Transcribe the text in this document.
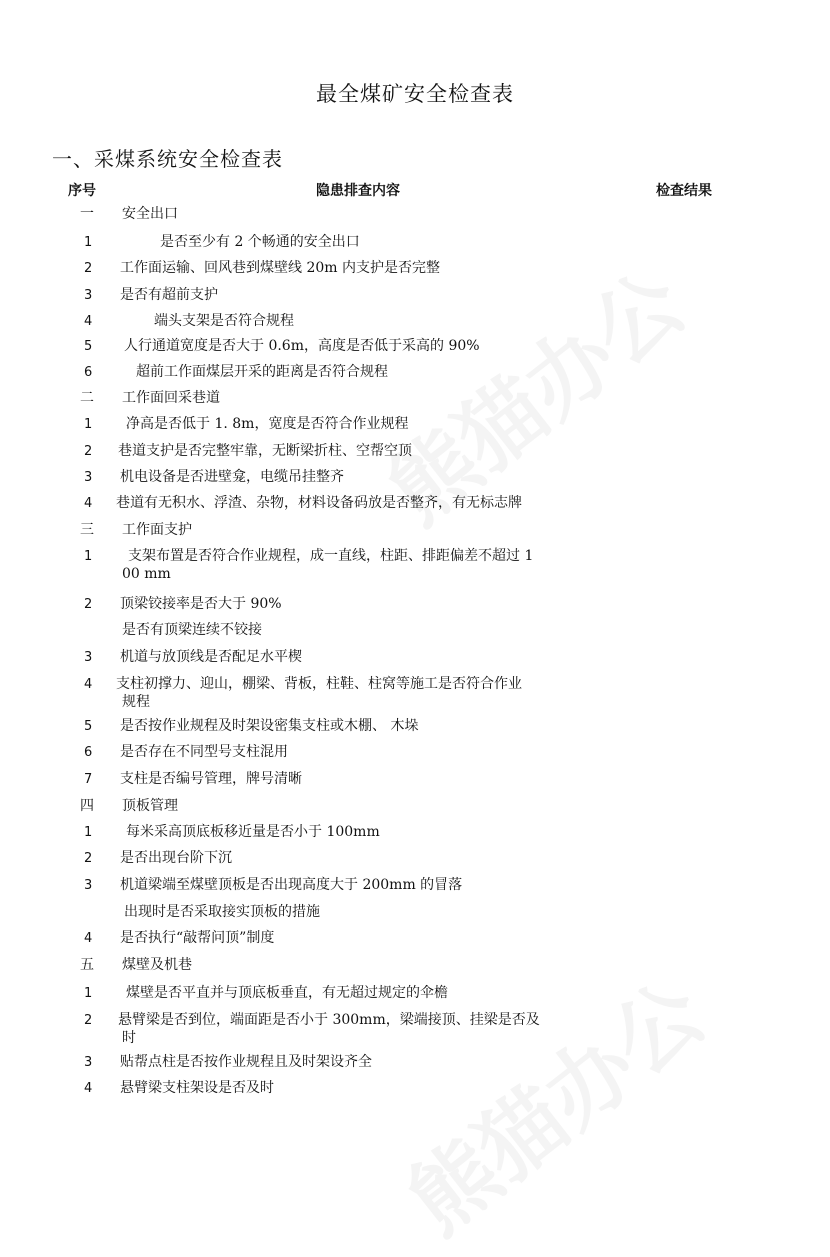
最全煤矿安全检查表
一、采煤系统安全检查表
序号	隐患排查内容	检查结果
一 安全出口
1	是否至少有 2 个畅通的安全出口
2 工作面运输、回风巷到煤壁线 20m 内支护是否完整
3 是否有超前支护
4	端头支架是否符合规程
5 人行通道宽度是否大于 0.6m，高度是否低于采高的 90%
6	超前工作面煤层开采的距离是否符合规程
二 工作面回采巷道
1 净高是否低于 1. 8m，宽度是否符合作业规程
2 巷道支护是否完整牢靠，无断梁折柱、空帮空顶
3 机电设备是否进壁龛，电缆吊挂整齐
4 巷道有无积水、浮渣、杂物，材料设备码放是否整齐，有无标志牌
三 工作面支护
1	支架布置是否符合作业规程，成一直线，柱距、排距偏差不超过 1
00 mm
2 顶梁铰接率是否大于 90%
是否有顶梁连续不铰接
3 机道与放顶线是否配足水平楔
4 支柱初撑力、迎山，棚梁、背板，柱鞋、柱窝等施工是否符合作业
规程
5 是否按作业规程及时架设密集支柱或木棚、 木垛
6 是否存在不同型号支柱混用
7 支柱是否编号管理，牌号清晰
四 顶板管理
1 每米采高顶底板移近量是否小于 100mm
2 是否出现台阶下沉
3 机道梁端至煤壁顶板是否出现高度大于 200mm 的冒落
出现时是否采取接实顶板的措施
4 是否执行“敲帮问顶”制度
五 煤壁及机巷
1 煤壁是否平直并与顶底板垂直，有无超过规定的伞檐
2 悬臂梁是否到位，端面距是否小于 300mm，梁端接顶、挂梁是否及
时
3 贴帮点柱是否按作业规程且及时架设齐全
4 悬臂梁支柱架设是否及时
